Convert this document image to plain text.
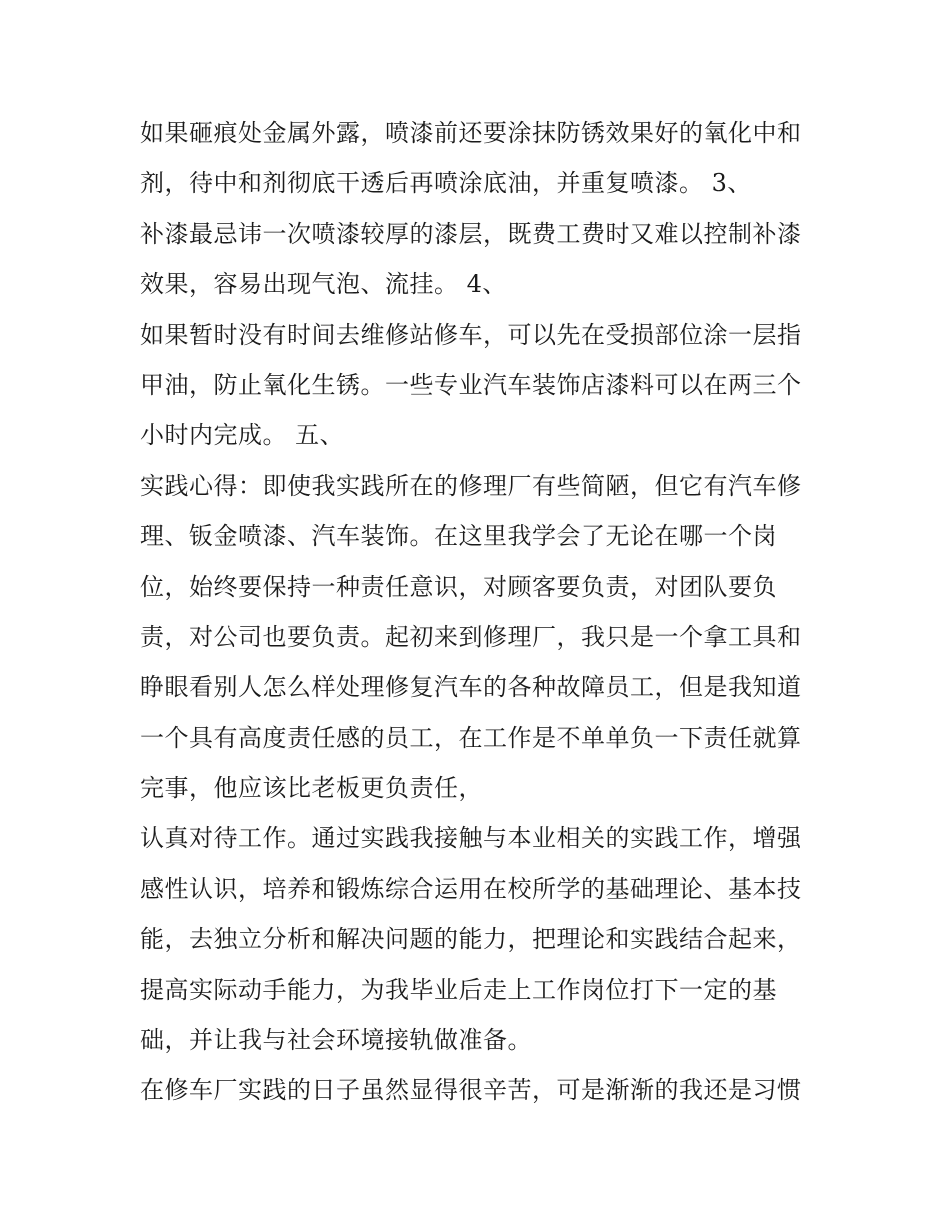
如果砸痕处金属外露，喷漆前还要涂抹防锈效果好的氧化中和
剂，待中和剂彻底干透后再喷涂底油，并重复喷漆。 3、
补漆最忌讳一次喷漆较厚的漆层，既费工费时又难以控制补漆
效果，容易出现气泡、流挂。 4、
如果暂时没有时间去维修站修车，可以先在受损部位涂一层指
甲油，防止氧化生锈。一些专业汽车装饰店漆料可以在两三个
小时内完成。 五、
实践心得：即使我实践所在的修理厂有些简陋，但它有汽车修
理、钣金喷漆、汽车装饰。在这里我学会了无论在哪一个岗
位，始终要保持一种责任意识，对顾客要负责，对团队要负
责，对公司也要负责。起初来到修理厂，我只是一个拿工具和
睁眼看别人怎么样处理修复汽车的各种故障员工，但是我知道
一个具有高度责任感的员工，在工作是不单单负一下责任就算
完事，他应该比老板更负责任，
认真对待工作。通过实践我接触与本业相关的实践工作，增强
感性认识，培养和锻炼综合运用在校所学的基础理论、基本技
能，去独立分析和解决问题的能力，把理论和实践结合起来，
提高实际动手能力，为我毕业后走上工作岗位打下一定的基
础，并让我与社会环境接轨做准备。
在修车厂实践的日子虽然显得很辛苦，可是渐渐的我还是习惯
